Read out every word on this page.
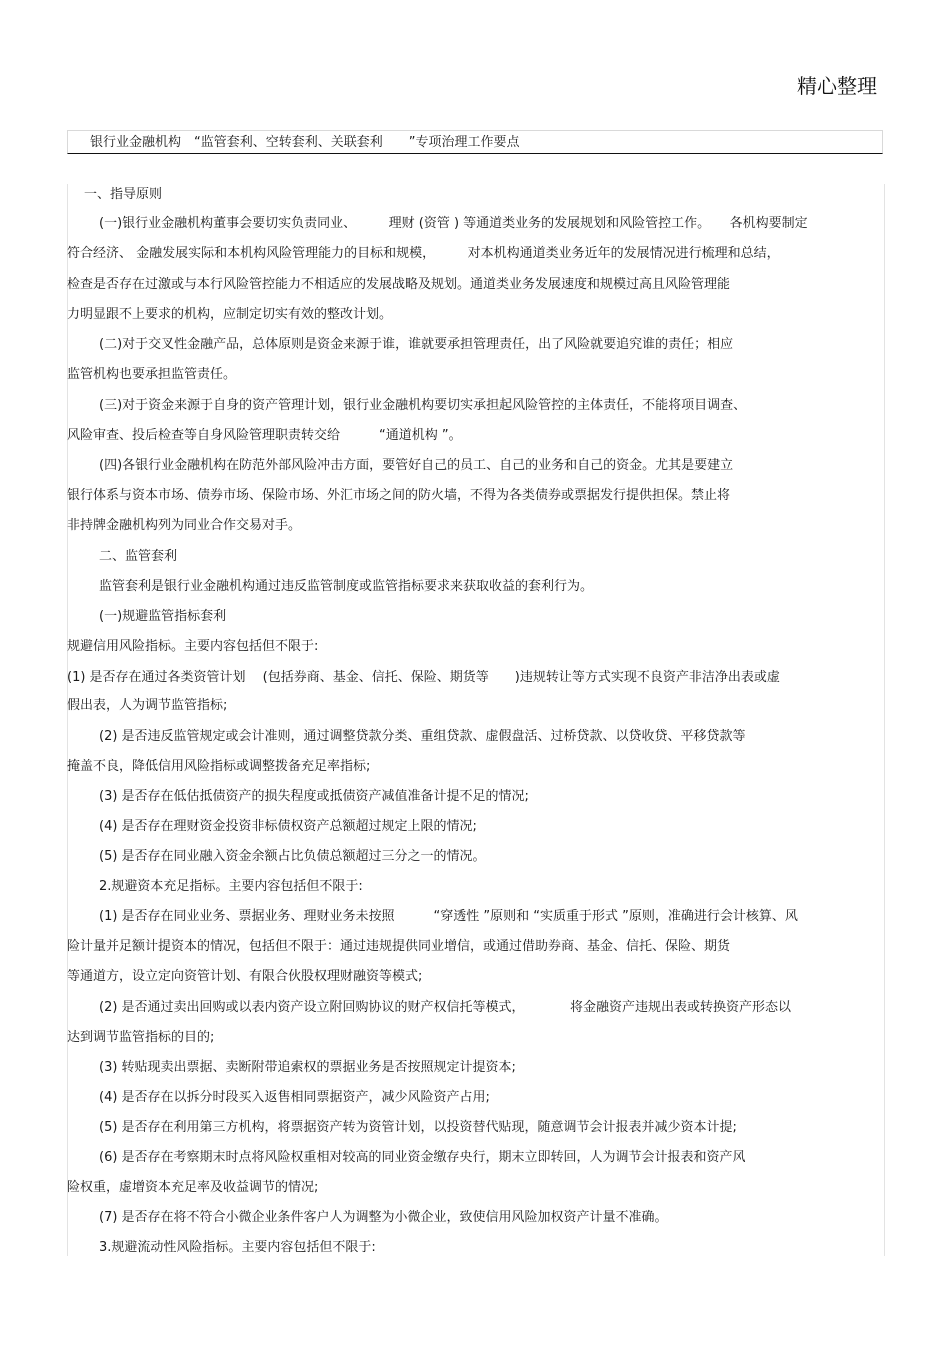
精心整理
银行业金融机构　“监管套利、空转套利、关联套利　　”专项治理工作要点
一、指导原则
(一)银行业金融机构董事会要切实负责同业、　　　理财 (资管 ) 等通道类业务的发展规划和风险管控工作。　　各机构要制定
符合经济、 金融发展实际和本机构风险管理能力的目标和规模，　　　对本机构通道类业务近年的发展情况进行梳理和总结，
检查是否存在过激或与本行风险管控能力不相适应的发展战略及规划。通道类业务发展速度和规模过高且风险管理能
力明显跟不上要求的机构，应制定切实有效的整改计划。
(二)对于交叉性金融产品，总体原则是资金来源于谁，谁就要承担管理责任，出了风险就要追究谁的责任；相应
监管机构也要承担监管责任。
(三)对于资金来源于自身的资产管理计划，银行业金融机构要切实承担起风险管控的主体责任，不能将项目调查、
风险审查、投后检查等自身风险管理职责转交给　　　“通道机构 ”。
(四)各银行业金融机构在防范外部风险冲击方面，要管好自己的员工、自己的业务和自己的资金。尤其是要建立
银行体系与资本市场、债券市场、保险市场、外汇市场之间的防火墙，不得为各类债券或票据发行提供担保。禁止将
非持牌金融机构列为同业合作交易对手。
二、监管套利
监管套利是银行业金融机构通过违反监管制度或监管指标要求来获取收益的套利行为。
(一)规避监管指标套利
规避信用风险指标。主要内容包括但不限于:
(1) 是否存在通过各类资管计划　 (包括券商、基金、信托、保险、期货等　　)违规转让等方式实现不良资产非洁净出表或虚
假出表，人为调节监管指标;
(2) 是否违反监管规定或会计准则，通过调整贷款分类、重组贷款、虚假盘活、过桥贷款、以贷收贷、平移贷款等
掩盖不良，降低信用风险指标或调整拨备充足率指标;
(3) 是否存在低估抵债资产的损失程度或抵债资产减值准备计提不足的情况;
(4) 是否存在理财资金投资非标债权资产总额超过规定上限的情况;
(5) 是否存在同业融入资金余额占比负债总额超过三分之一的情况。
2.规避资本充足指标。主要内容包括但不限于:
(1) 是否存在同业业务、票据业务、理财业务未按照　　　“穿透性 ”原则和 “实质重于形式 ”原则，准确进行会计核算、风
险计量并足额计提资本的情况，包括但不限于：通过违规提供同业增信，或通过借助券商、基金、信托、保险、期货
等通道方，设立定向资管计划、有限合伙股权理财融资等模式;
(2) 是否通过卖出回购或以表内资产设立附回购协议的财产权信托等模式，　　　　将金融资产违规出表或转换资产形态以
达到调节监管指标的目的;
(3) 转贴现卖出票据、卖断附带追索权的票据业务是否按照规定计提资本;
(4) 是否存在以拆分时段买入返售相同票据资产，减少风险资产占用;
(5) 是否存在利用第三方机构，将票据资产转为资管计划，以投资替代贴现，随意调节会计报表并减少资本计提;
(6) 是否存在考察期末时点将风险权重相对较高的同业资金缴存央行，期末立即转回，人为调节会计报表和资产风
险权重，虚增资本充足率及收益调节的情况;
(7) 是否存在将不符合小微企业条件客户人为调整为小微企业，致使信用风险加权资产计量不准确。
3.规避流动性风险指标。主要内容包括但不限于:
